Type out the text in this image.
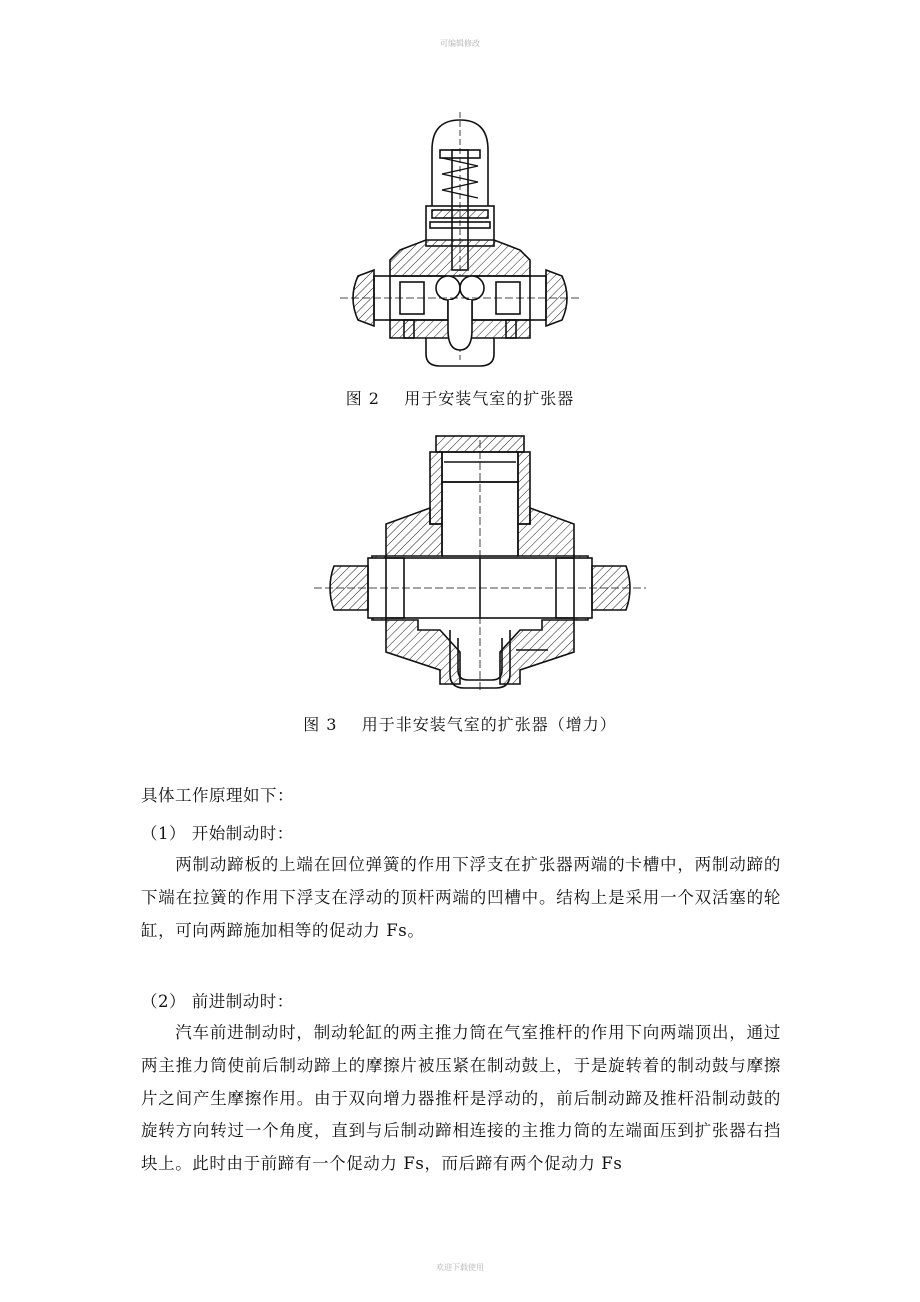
可编辑修改
图 2    用于安装气室的扩张器
图 3    用于非安装气室的扩张器（增力）
具体工作原理如下：
（1） 开始制动时：
两制动蹄板的上端在回位弹簧的作用下浮支在扩张器两端的卡槽中，两制动蹄的下端在拉簧的作用下浮支在浮动的顶杆两端的凹槽中。结构上是采用一个双活塞的轮缸，可向两蹄施加相等的促动力 Fs。
（2） 前进制动时：
汽车前进制动时，制动轮缸的两主推力筒在气室推杆的作用下向两端顶出，通过两主推力筒使前后制动蹄上的摩擦片被压紧在制动鼓上，于是旋转着的制动鼓与摩擦片之间产生摩擦作用。由于双向增力器推杆是浮动的，前后制动蹄及推杆沿制动鼓的旋转方向转过一个角度，直到与后制动蹄相连接的主推力筒的左端面压到扩张器右挡块上。此时由于前蹄有一个促动力 Fs，而后蹄有两个促动力 Fs
欢迎下载使用
